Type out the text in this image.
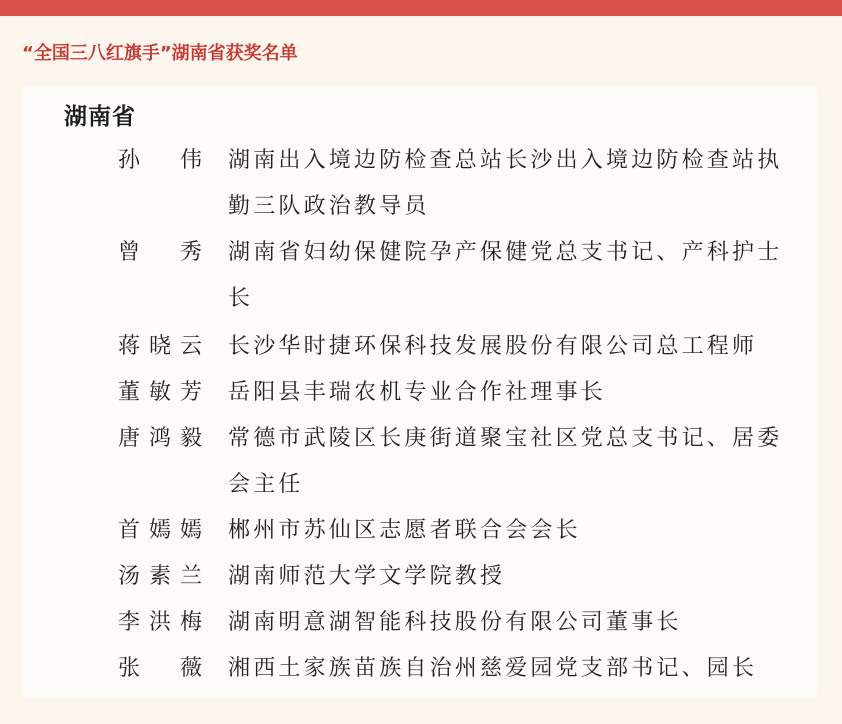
“全国三八红旗手”湖南省获奖名单
湖南省
孙 伟 湖南出入境边防检查总站长沙出入境边防检查站执勤三队政治教导员
曾 秀 湖南省妇幼保健院孕产保健党总支书记、产科护士长
蒋 晓 云 长沙华时捷环保科技发展股份有限公司总工程师
董 敏 芳 岳阳县丰瑞农机专业合作社理事长
唐 鸿 毅 常德市武陵区长庚街道聚宝社区党总支书记、居委会主任
首 嫣 嫣 郴州市苏仙区志愿者联合会会长
汤 素 兰 湖南师范大学文学院教授
李 洪 梅 湖南明意湖智能科技股份有限公司董事长
张 薇 湘西土家族苗族自治州慈爱园党支部书记、园长
